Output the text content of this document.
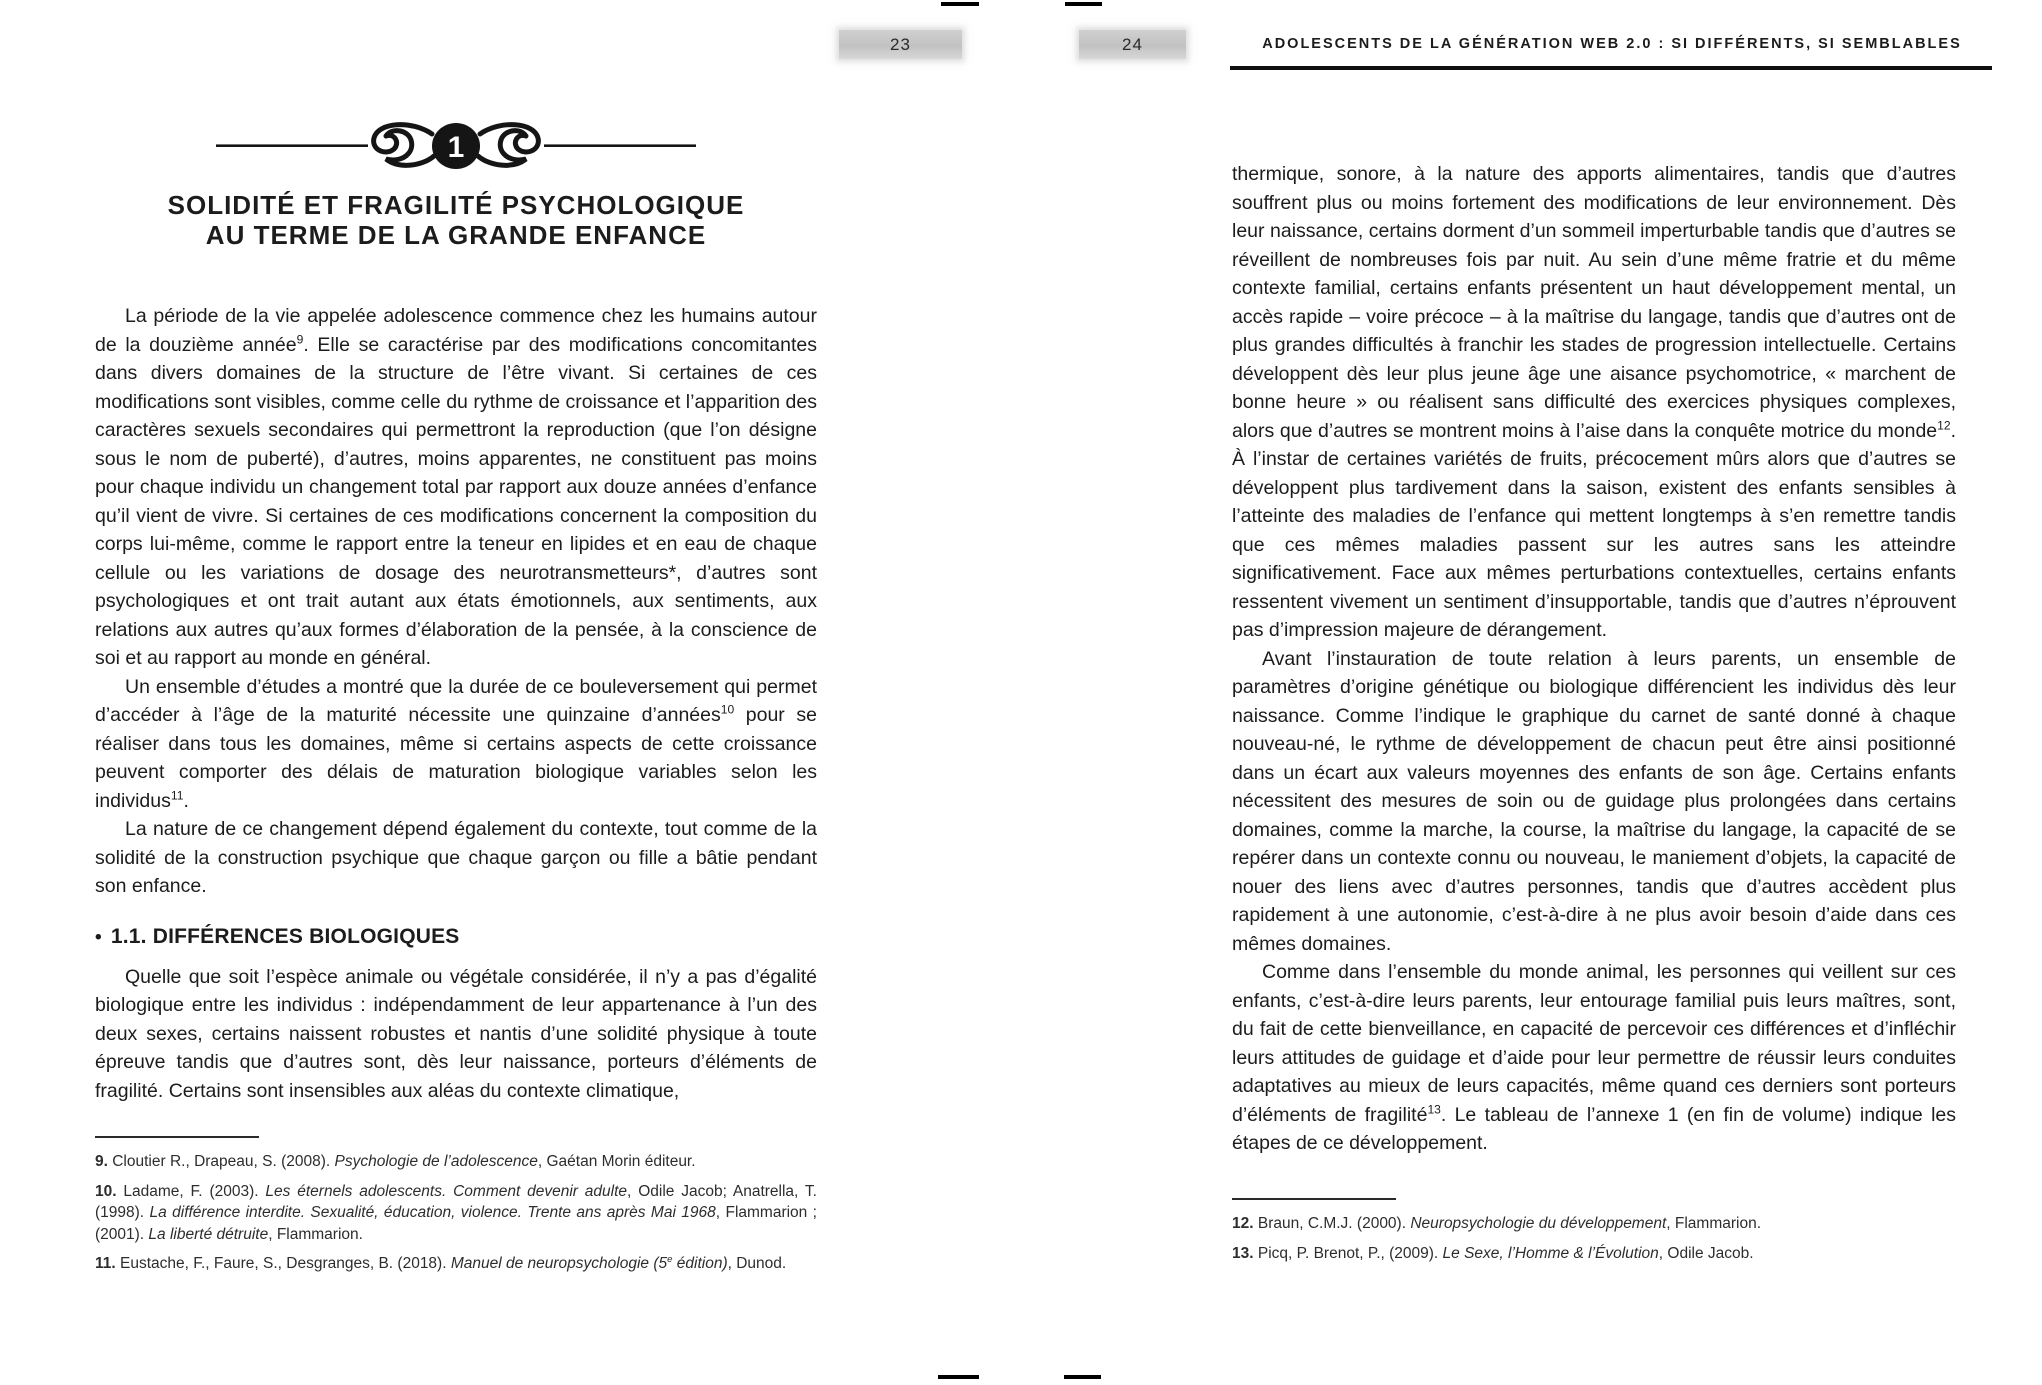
23	24	ADOLESCENTS DE LA GÉNÉRATION WEB 2.0 : SI DIFFÉRENTS, SI SEMBLABLES
1
SOLIDITÉ ET FRAGILITÉ PSYCHOLOGIQUE
AU TERME DE LA GRANDE ENFANCE

La période de la vie appelée adolescence commence chez les humains autour de la douzième année$^9$. Elle se caractérise par des modifications concomitantes dans divers domaines de la structure de l’être vivant. Si certaines de ces modifications sont visibles, comme celle du rythme de croissance et l’apparition des caractères sexuels secondaires qui permettront la reproduction (que l’on désigne sous le nom de puberté), d’autres, moins apparentes, ne constituent pas moins pour chaque individu un changement total par rapport aux douze années d’enfance qu’il vient de vivre. Si certaines de ces modifications concernent la composition du corps lui-même, comme le rapport entre la teneur en lipides et en eau de chaque cellule ou les variations de dosage des neurotransmetteurs*, d’autres sont psychologiques et ont trait autant aux états émotionnels, aux sentiments, aux relations aux autres qu’aux formes d’élaboration de la pensée, à la conscience de soi et au rapport au monde en général.

Un ensemble d’études a montré que la durée de ce bouleversement qui permet d’accéder à l’âge de la maturité nécessite une quinzaine d’années$^{10}$ pour se réaliser dans tous les domaines, même si certains aspects de cette croissance peuvent comporter des délais de maturation biologique variables selon les individus$^{11}$.

La nature de ce changement dépend également du contexte, tout comme de la solidité de la construction psychique que chaque garçon ou fille a bâtie pendant son enfance.

• 1.1. DIFFÉRENCES BIOLOGIQUES

Quelle que soit l’espèce animale ou végétale considérée, il n’y a pas d’égalité biologique entre les individus : indépendamment de leur appartenance à l’un des deux sexes, certains naissent robustes et nantis d’une solidité physique à toute épreuve tandis que d’autres sont, dès leur naissance, porteurs d’éléments de fragilité. Certains sont insensibles aux aléas du contexte climatique,

9. Cloutier R., Drapeau, S. (2008). Psychologie de l’adolescence, Gaétan Morin éditeur.

10. Ladame, F. (2003). Les éternels adolescents. Comment devenir adulte, Odile Jacob; Anatrella, T. (1998). La différence interdite. Sexualité, éducation, violence. Trente ans après Mai 1968, Flammarion ; (2001). La liberté détruite, Flammarion.

11. Eustache, F., Faure, S., Desgranges, B. (2018). Manuel de neuropsychologie (5e édition), Dunod.

thermique, sonore, à la nature des apports alimentaires, tandis que d’autres souffrent plus ou moins fortement des modifications de leur environnement. Dès leur naissance, certains dorment d’un sommeil imperturbable tandis que d’autres se réveillent de nombreuses fois par nuit. Au sein d’une même fratrie et du même contexte familial, certains enfants présentent un haut développement mental, un accès rapide – voire précoce – à la maîtrise du langage, tandis que d’autres ont de plus grandes difficultés à franchir les stades de progression intellectuelle. Certains développent dès leur plus jeune âge une aisance psychomotrice, « marchent de bonne heure » ou réalisent sans difficulté des exercices physiques complexes, alors que d’autres se montrent moins à l’aise dans la conquête motrice du monde$^{12}$. À l’instar de certaines variétés de fruits, précocement mûrs alors que d’autres se développent plus tardivement dans la saison, existent des enfants sensibles à l’atteinte des maladies de l’enfance qui mettent longtemps à s’en remettre tandis que ces mêmes maladies passent sur les autres sans les atteindre significativement. Face aux mêmes perturbations contextuelles, certains enfants ressentent vivement un sentiment d’insupportable, tandis que d’autres n’éprouvent pas d’impression majeure de dérangement.

Avant l’instauration de toute relation à leurs parents, un ensemble de paramètres d’origine génétique ou biologique différencient les individus dès leur naissance. Comme l’indique le graphique du carnet de santé donné à chaque nouveau-né, le rythme de développement de chacun peut être ainsi positionné dans un écart aux valeurs moyennes des enfants de son âge. Certains enfants nécessitent des mesures de soin ou de guidage plus prolongées dans certains domaines, comme la marche, la course, la maîtrise du langage, la capacité de se repérer dans un contexte connu ou nouveau, le maniement d’objets, la capacité de nouer des liens avec d’autres personnes, tandis que d’autres accèdent plus rapidement à une autonomie, c’est-à-dire à ne plus avoir besoin d’aide dans ces mêmes domaines.

Comme dans l’ensemble du monde animal, les personnes qui veillent sur ces enfants, c’est-à-dire leurs parents, leur entourage familial puis leurs maîtres, sont, du fait de cette bienveillance, en capacité de percevoir ces différences et d’infléchir leurs attitudes de guidage et d’aide pour leur permettre de réussir leurs conduites adaptatives au mieux de leurs capacités, même quand ces derniers sont porteurs d’éléments de fragilité$^{13}$. Le tableau de l’annexe 1 (en fin de volume) indique les étapes de ce développement.

12. Braun, C.M.J. (2000). Neuropsychologie du développement, Flammarion.

13. Picq, P. Brenot, P., (2009). Le Sexe, l’Homme & l’Évolution, Odile Jacob.
